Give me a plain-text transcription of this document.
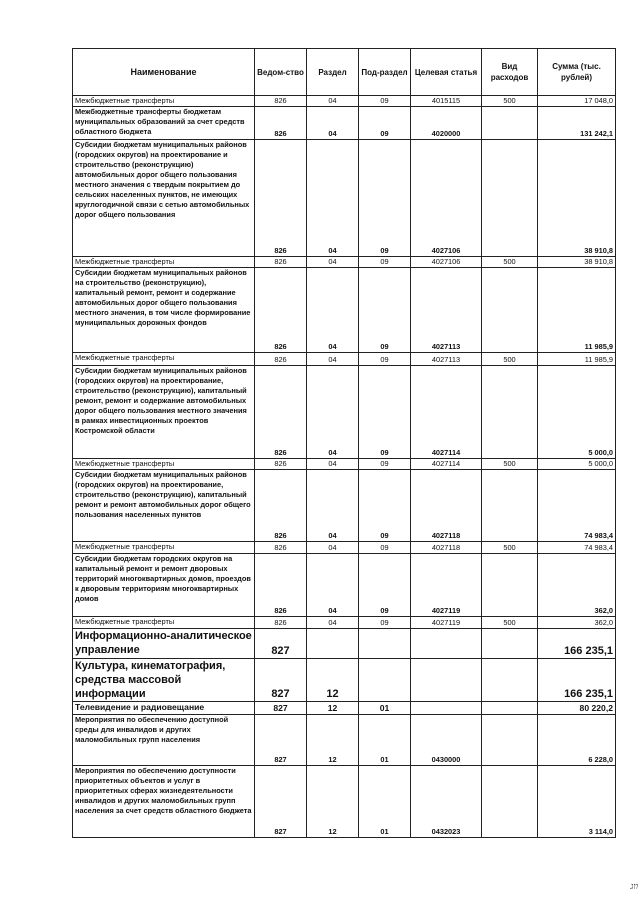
Наименование	Ведом-ство	Раздел	Под-раздел	Целевая статья	Вид расходов	Сумма (тыс. рублей)
Межбюджетные трансферты	826	04	09	4015115	500	17 048,0
Межбюджетные трансферты бюджетам муниципальных образований за счет средств областного бюджета	826	04	09	4020000		131 242,1
Субсидии бюджетам муниципальных районов (городских округов) на проектирование и строительство (реконструкцию) автомобильных дорог общего пользования местного значения с твердым покрытием до сельских населенных пунктов, не имеющих круглогодичной связи с сетью автомобильных дорог общего пользования	826	04	09	4027106		38 910,8
Межбюджетные трансферты	826	04	09	4027106	500	38 910,8
Субсидии бюджетам муниципальных районов на строительство (реконструкцию), капитальный ремонт, ремонт и содержание автомобильных дорог общего пользования местного значения, в том числе формирование муниципальных дорожных фондов	826	04	09	4027113		11 985,9
Межбюджетные трансферты	826	04	09	4027113	500	11 985,9
Субсидии бюджетам муниципальных районов (городских округов) на проектирование, строительство (реконструкцию), капитальный ремонт, ремонт и содержание автомобильных дорог общего пользования местного значения в рамках инвестиционных проектов Костромской области	826	04	09	4027114		5 000,0
Межбюджетные трансферты	826	04	09	4027114	500	5 000,0
Субсидии бюджетам муниципальных районов (городских округов) на проектирование, строительство (реконструкцию), капитальный ремонт и ремонт автомобильных дорог общего пользования населенных пунктов	826	04	09	4027118		74 983,4
Межбюджетные трансферты	826	04	09	4027118	500	74 983,4
Субсидии бюджетам городских округов на капитальный ремонт и ремонт дворовых территорий многоквартирных домов, проездов к дворовым территориям многоквартирных домов	826	04	09	4027119		362,0
Межбюджетные трансферты	826	04	09	4027119	500	362,0
Информационно-аналитическое управление	827					166 235,1
Культура, кинематография, средства массовой информации	827	12				166 235,1
Телевидение и радиовещание	827	12	01			80 220,2
Мероприятия по обеспечению доступной среды для инвалидов и других маломобильных групп населения	827	12	01	0430000		6 228,0
Мероприятия по обеспечению доступности приоритетных объектов и услуг в приоритетных сферах жизнедеятельности инвалидов и других маломобильных групп населения за счет средств областного бюджета	827	12	01	0432023		3 114,0
ווג
